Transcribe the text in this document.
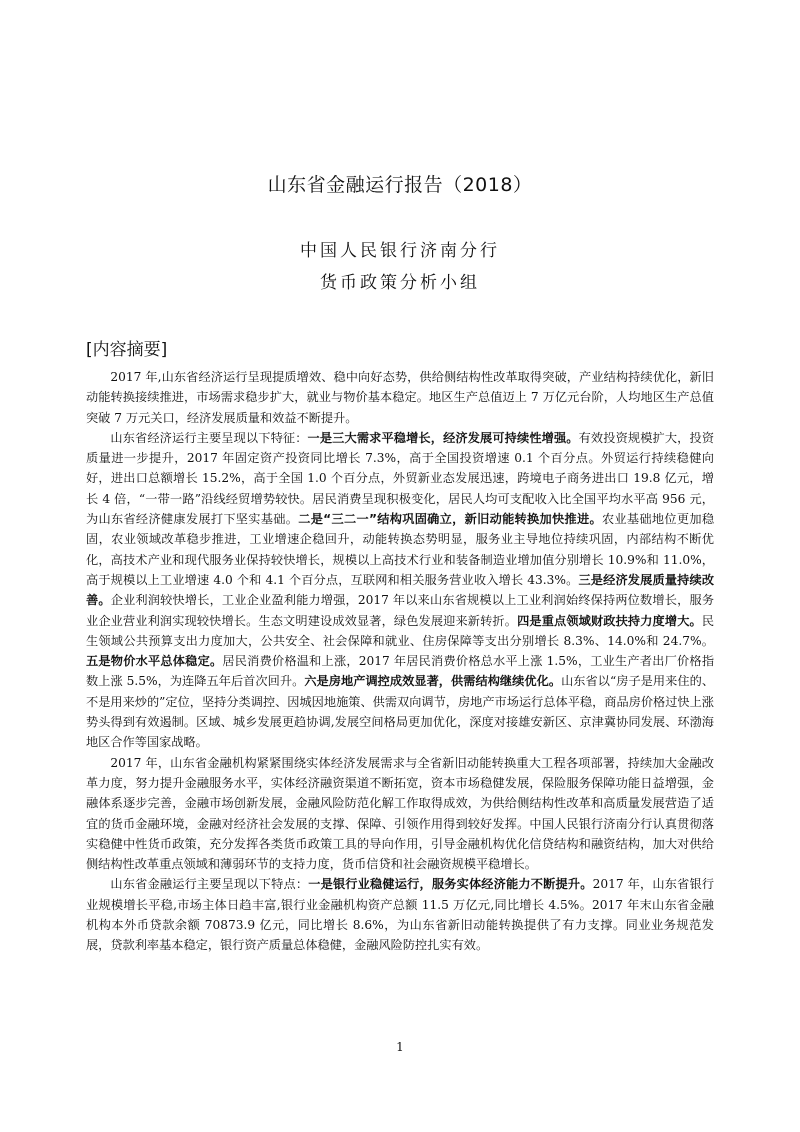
山东省金融运行报告（2018）
中国人民银行济南分行
货币政策分析小组
[内容摘要]

2017 年,山东省经济运行呈现提质增效、稳中向好态势，供给侧结构性改革取得突破，产业结构持续优化，新旧动能转换接续推进，市场需求稳步扩大，就业与物价基本稳定。地区生产总值迈上 7 万亿元台阶，人均地区生产总值突破 7 万元关口，经济发展质量和效益不断提升。

山东省经济运行主要呈现以下特征：一是三大需求平稳增长，经济发展可持续性增强。有效投资规模扩大，投资质量进一步提升，2017 年固定资产投资同比增长 7.3%，高于全国投资增速 0.1 个百分点。外贸运行持续稳健向好，进出口总额增长 15.2%，高于全国 1.0 个百分点，外贸新业态发展迅速，跨境电子商务进出口 19.8 亿元，增长 4 倍，“一带一路”沿线经贸增势较快。居民消费呈现积极变化，居民人均可支配收入比全国平均水平高 956 元，为山东省经济健康发展打下坚实基础。二是“三二一”结构巩固确立，新旧动能转换加快推进。农业基础地位更加稳固，农业领域改革稳步推进，工业增速企稳回升，动能转换态势明显，服务业主导地位持续巩固，内部结构不断优化，高技术产业和现代服务业保持较快增长，规模以上高技术行业和装备制造业增加值分别增长 10.9%和 11.0%，高于规模以上工业增速 4.0 个和 4.1 个百分点，互联网和相关服务营业收入增长 43.3%。三是经济发展质量持续改善。企业利润较快增长，工业企业盈利能力增强，2017 年以来山东省规模以上工业利润始终保持两位数增长，服务业企业营业利润实现较快增长。生态文明建设成效显著，绿色发展迎来新转折。四是重点领域财政扶持力度增大。民生领域公共预算支出力度加大，公共安全、社会保障和就业、住房保障等支出分别增长 8.3%、14.0%和 24.7%。五是物价水平总体稳定。居民消费价格温和上涨，2017 年居民消费价格总水平上涨 1.5%，工业生产者出厂价格指数上涨 5.5%，为连降五年后首次回升。六是房地产调控成效显著，供需结构继续优化。山东省以“房子是用来住的、不是用来炒的”定位，坚持分类调控、因城因地施策、供需双向调节，房地产市场运行总体平稳，商品房价格过快上涨势头得到有效遏制。区域、城乡发展更趋协调,发展空间格局更加优化，深度对接雄安新区、京津冀协同发展、环渤海地区合作等国家战略。

2017 年，山东省金融机构紧紧围绕实体经济发展需求与全省新旧动能转换重大工程各项部署，持续加大金融改革力度，努力提升金融服务水平，实体经济融资渠道不断拓宽，资本市场稳健发展，保险服务保障功能日益增强，金融体系逐步完善，金融市场创新发展，金融风险防范化解工作取得成效，为供给侧结构性改革和高质量发展营造了适宜的货币金融环境，金融对经济社会发展的支撑、保障、引领作用得到较好发挥。中国人民银行济南分行认真贯彻落实稳健中性货币政策，充分发挥各类货币政策工具的导向作用，引导金融机构优化信贷结构和融资结构，加大对供给侧结构性改革重点领域和薄弱环节的支持力度，货币信贷和社会融资规模平稳增长。

山东省金融运行主要呈现以下特点：一是银行业稳健运行，服务实体经济能力不断提升。2017 年，山东省银行业规模增长平稳,市场主体日趋丰富,银行业金融机构资产总额 11.5 万亿元,同比增长 4.5%。2017 年末山东省金融机构本外币贷款余额 70873.9 亿元，同比增长 8.6%，为山东省新旧动能转换提供了有力支撑。同业业务规范发展，贷款利率基本稳定，银行资产质量总体稳健，金融风险防控扎实有效。

1
